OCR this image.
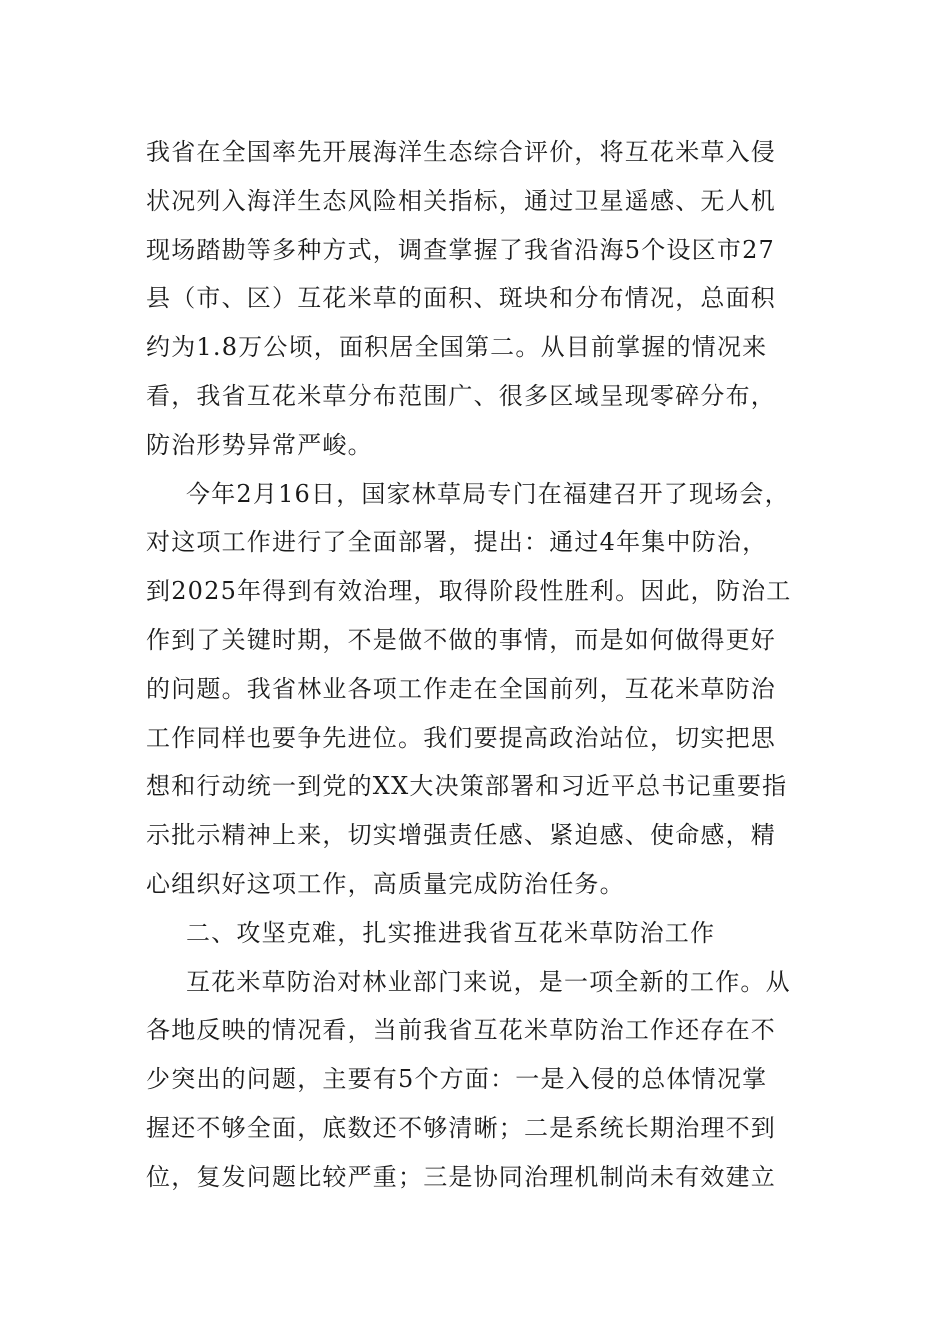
我省在全国率先开展海洋生态综合评价，将互花米草入侵
状况列入海洋生态风险相关指标，通过卫星遥感、无人机
现场踏勘等多种方式，调查掌握了我省沿海5个设区市27
县（市、区）互花米草的面积、斑块和分布情况，总面积
约为1.8万公顷，面积居全国第二。从目前掌握的情况来
看，我省互花米草分布范围广、很多区域呈现零碎分布，
防治形势异常严峻。
今年2月16日，国家林草局专门在福建召开了现场会，
对这项工作进行了全面部署，提出：通过4年集中防治，
到2025年得到有效治理，取得阶段性胜利。因此，防治工
作到了关键时期，不是做不做的事情，而是如何做得更好
的问题。我省林业各项工作走在全国前列，互花米草防治
工作同样也要争先进位。我们要提高政治站位，切实把思
想和行动统一到党的XX大决策部署和习近平总书记重要指
示批示精神上来，切实增强责任感、紧迫感、使命感，精
心组织好这项工作，高质量完成防治任务。
二、攻坚克难，扎实推进我省互花米草防治工作
互花米草防治对林业部门来说，是一项全新的工作。从
各地反映的情况看，当前我省互花米草防治工作还存在不
少突出的问题，主要有5个方面：一是入侵的总体情况掌
握还不够全面，底数还不够清晰；二是系统长期治理不到
位，复发问题比较严重；三是协同治理机制尚未有效建立
